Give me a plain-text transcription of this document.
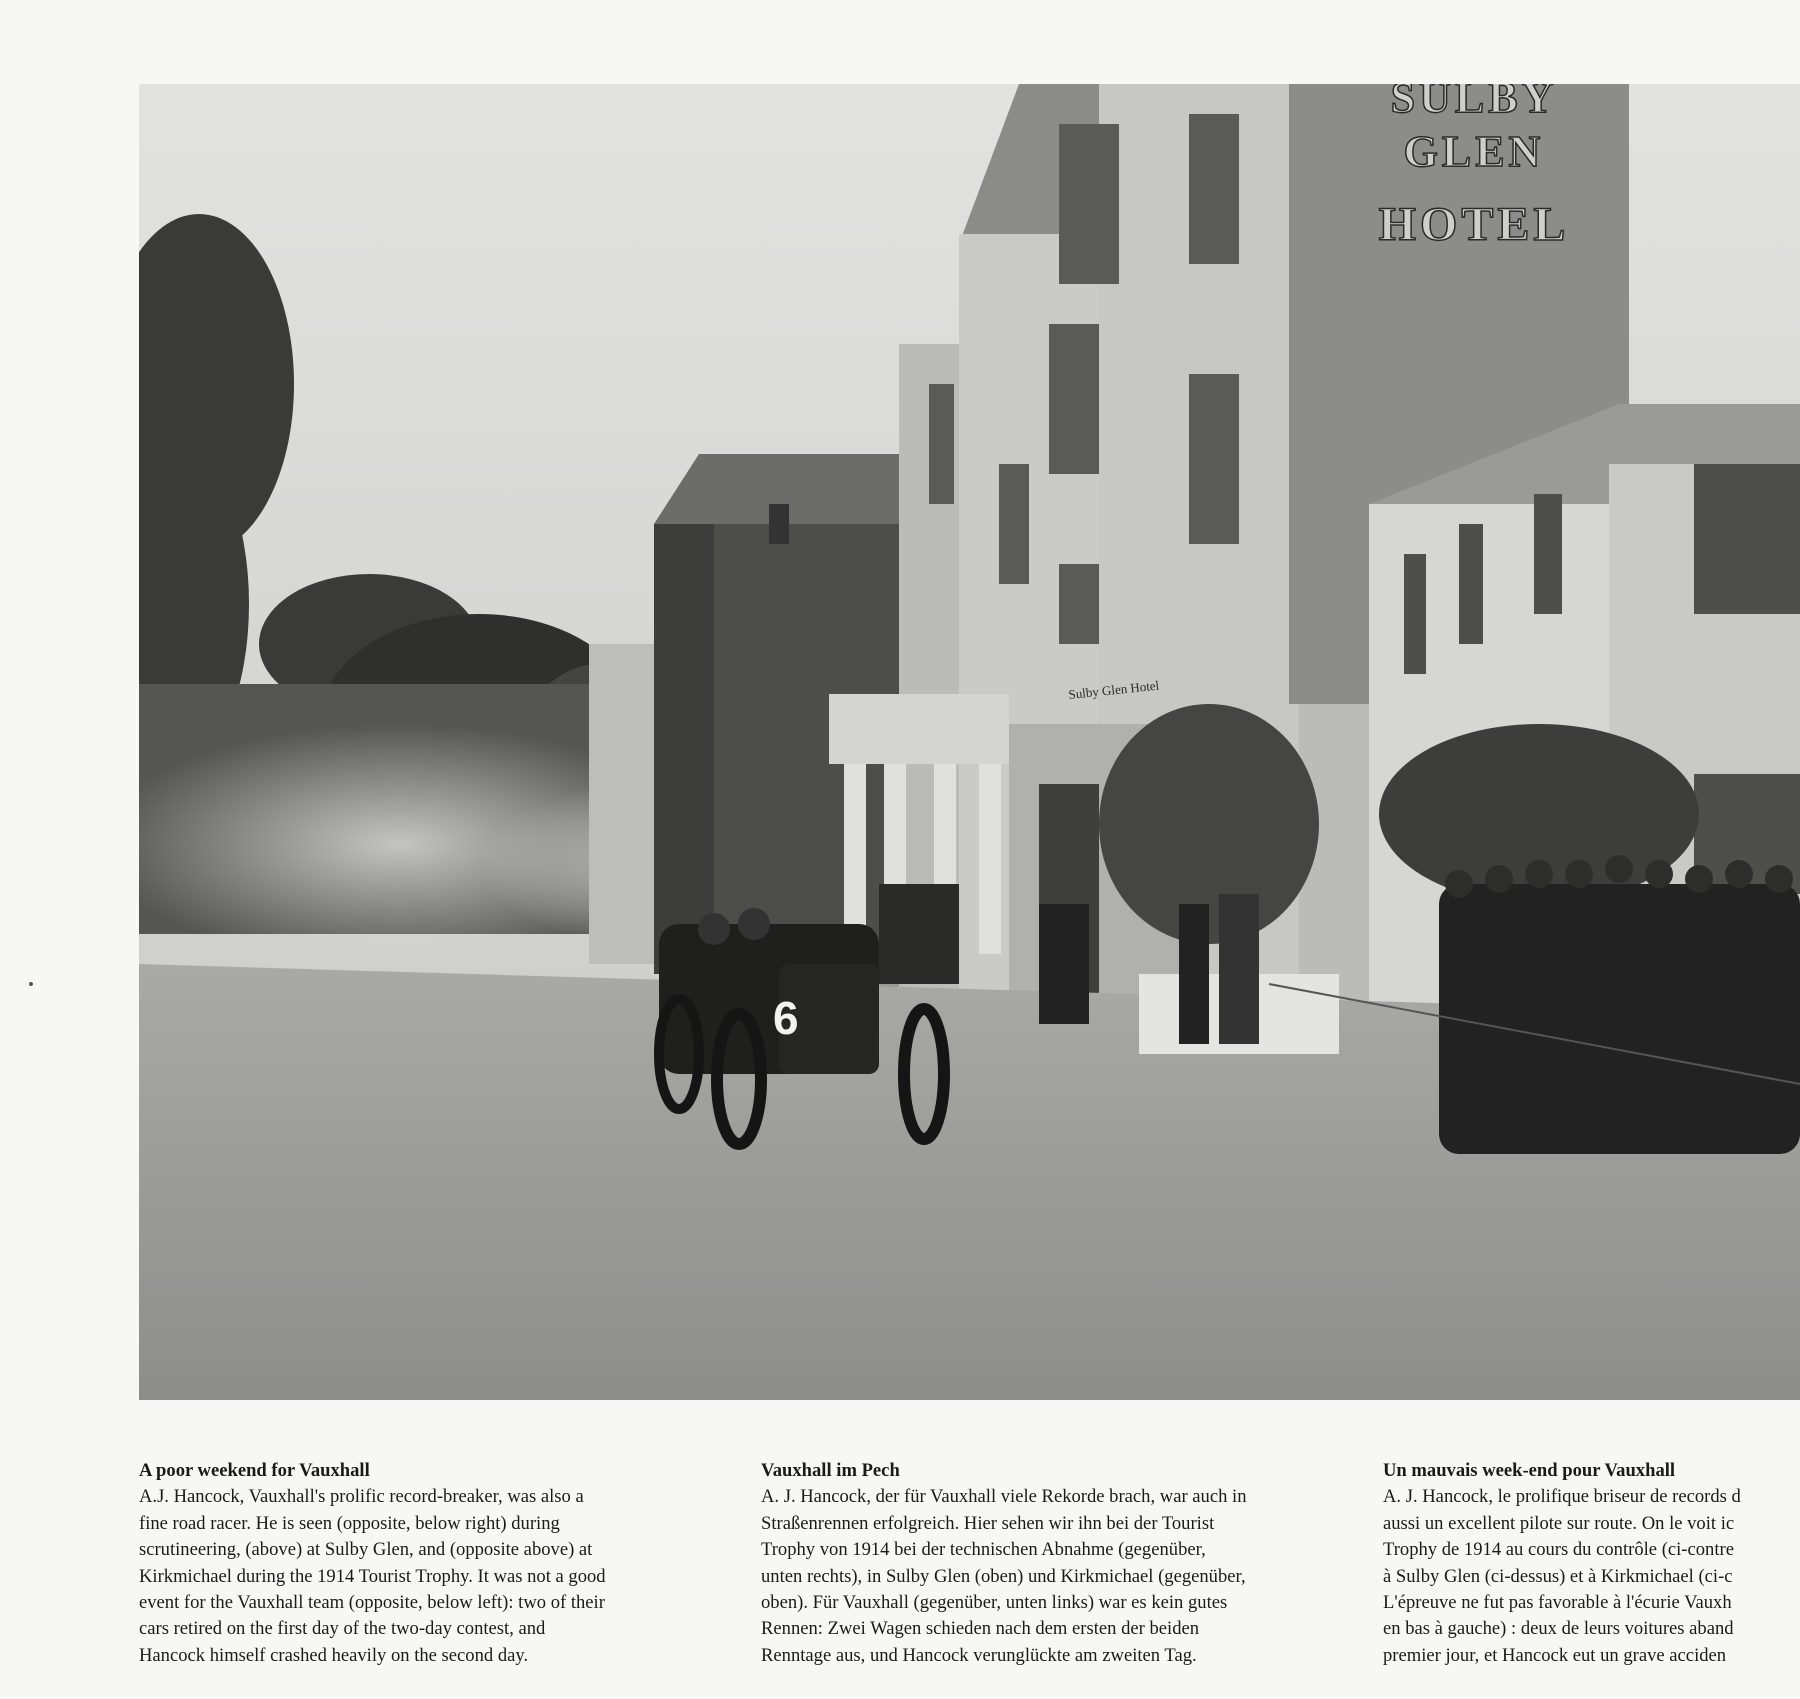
SULBY
GLEN
HOTEL
Sulby Glen Hotel
6
A poor weekend for Vauxhall
A.J. Hancock, Vauxhall's prolific record-breaker, was also a
fine road racer. He is seen (opposite, below right) during
scrutineering, (above) at Sulby Glen, and (opposite above) at
Kirkmichael during the 1914 Tourist Trophy. It was not a good
event for the Vauxhall team (opposite, below left): two of their
cars retired on the first day of the two-day contest, and
Hancock himself crashed heavily on the second day.
Vauxhall im Pech
A. J. Hancock, der für Vauxhall viele Rekorde brach, war auch in
Straßenrennen erfolgreich. Hier sehen wir ihn bei der Tourist
Trophy von 1914 bei der technischen Abnahme (gegenüber,
unten rechts), in Sulby Glen (oben) und Kirkmichael (gegenüber,
oben). Für Vauxhall (gegenüber, unten links) war es kein gutes
Rennen: Zwei Wagen schieden nach dem ersten der beiden
Renntage aus, und Hancock verunglückte am zweiten Tag.
Un mauvais week-end pour Vauxhall
A. J. Hancock, le prolifique briseur de records d
aussi un excellent pilote sur route. On le voit ic
Trophy de 1914 au cours du contrôle (ci-contre
à Sulby Glen (ci-dessus) et à Kirkmichael (ci-c
L'épreuve ne fut pas favorable à l'écurie Vauxh
en bas à gauche) : deux de leurs voitures aband
premier jour, et Hancock eut un grave acciden
